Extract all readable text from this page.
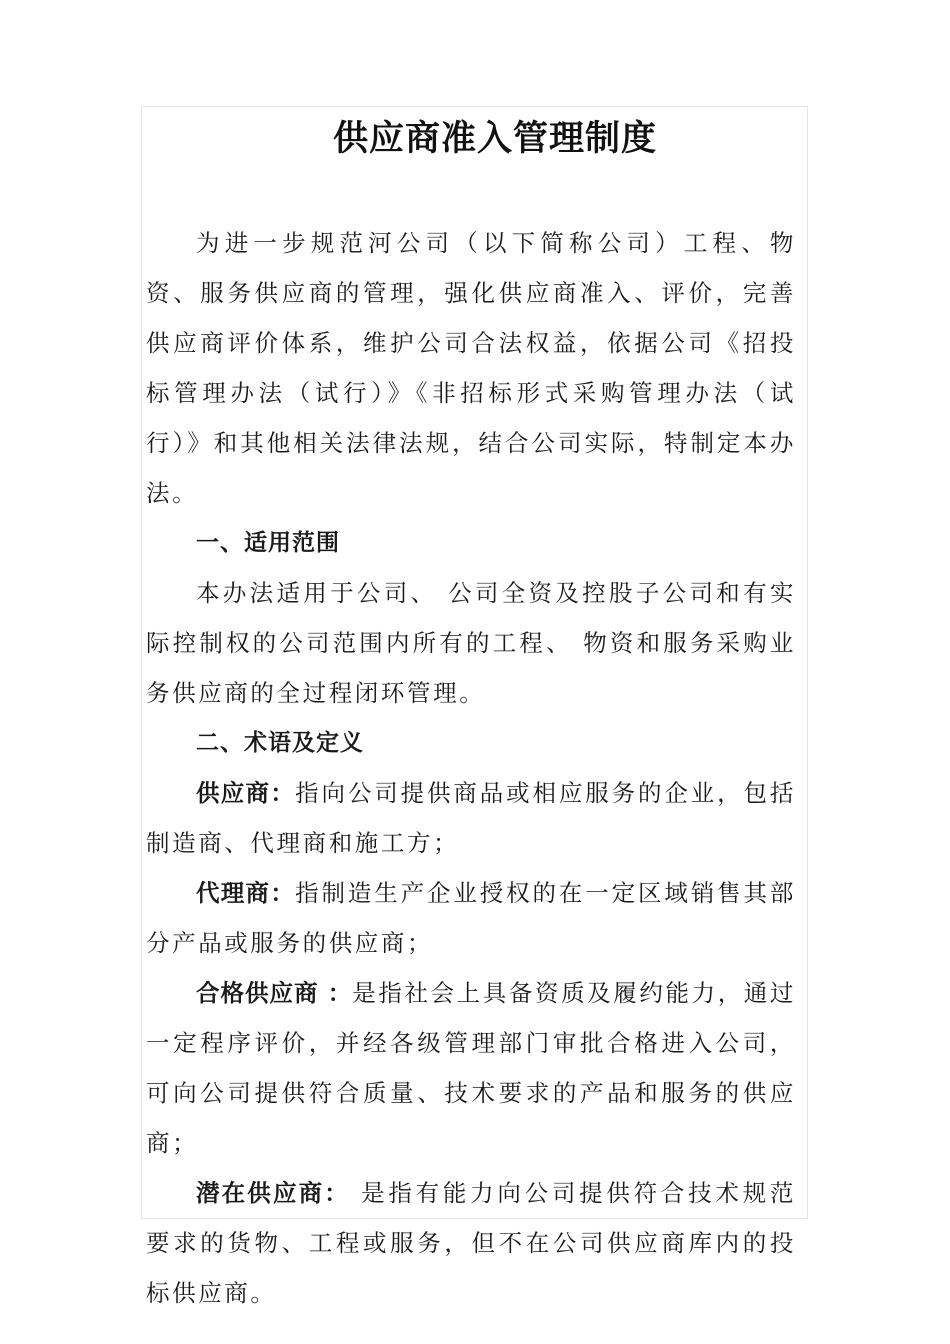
供应商准入管理制度

为进一步规范河公司（以下简称公司）工程、物资、服务供应商的管理，强化供应商准入、评价，完善供应商评价体系，维护公司合法权益，依据公司《招投标管理办法（试行）》《非招标形式采购管理办法（试行）》和其他相关法律法规，结合公司实际，特制定本办法。

一、适用范围

本办法适用于公司、 公司全资及控股子公司和有实际控制权的公司范围内所有的工程、 物资和服务采购业务供应商的全过程闭环管理。

二、术语及定义

供应商：指向公司提供商品或相应服务的企业，包括制造商、代理商和施工方；

代理商：指制造生产企业授权的在一定区域销售其部分产品或服务的供应商；

合格供应商 ：是指社会上具备资质及履约能力，通过一定程序评价，并经各级管理部门审批合格进入公司，可向公司提供符合质量、技术要求的产品和服务的供应商；

潜在供应商： 是指有能力向公司提供符合技术规范要求的货物、工程或服务，但不在公司供应商库内的投标供应商。
